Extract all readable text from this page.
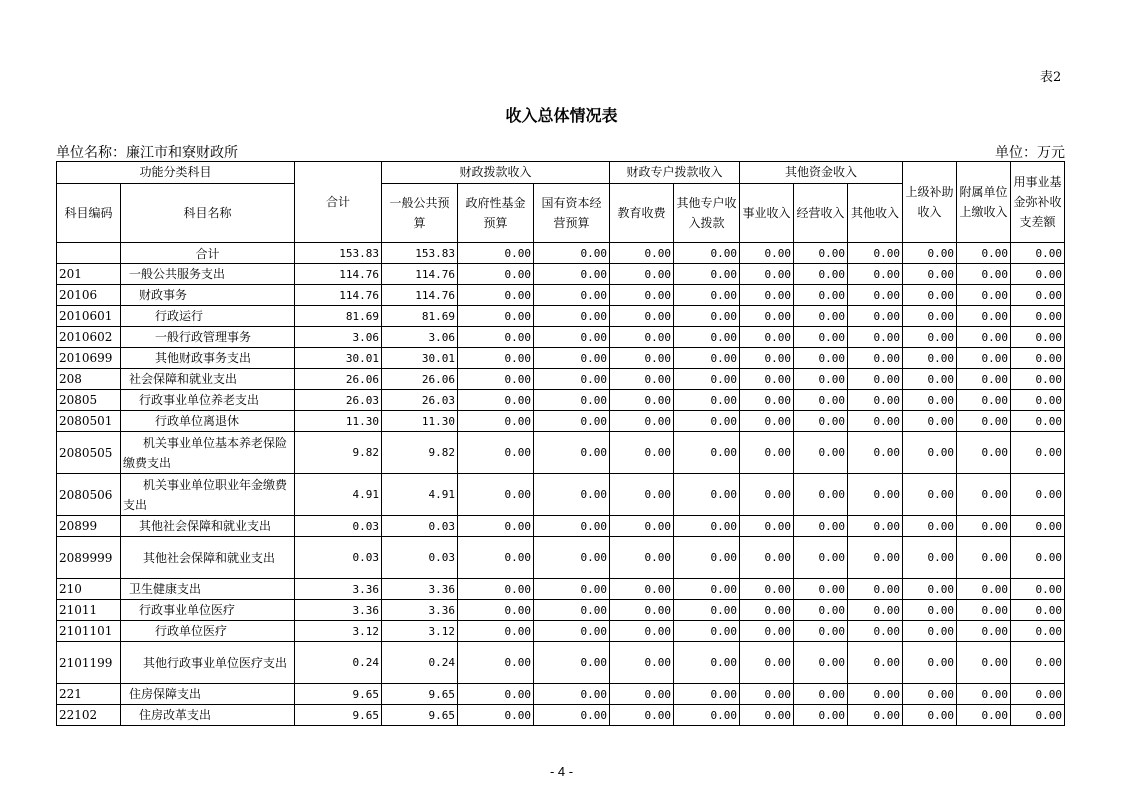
表2
收入总体情况表
单位名称：廉江市和寮财政所	单位：万元
功能分类科目		合计	财政拨款收入			财政专户拨款收入		其他资金收入			上级补助收入	附属单位上缴收入	用事业基金弥补收支差额
科目编码	科目名称		一般公共预算	政府性基金预算	国有资本经营预算	教育收费	其他专户收入拨款	事业收入	经营收入	其他收入			
	合计	153.83	153.83	0.00	0.00	0.00	0.00	0.00	0.00	0.00	0.00	0.00	0.00
201	一般公共服务支出	114.76	114.76	0.00	0.00	0.00	0.00	0.00	0.00	0.00	0.00	0.00	0.00
20106	财政事务	114.76	114.76	0.00	0.00	0.00	0.00	0.00	0.00	0.00	0.00	0.00	0.00
2010601	行政运行	81.69	81.69	0.00	0.00	0.00	0.00	0.00	0.00	0.00	0.00	0.00	0.00
2010602	一般行政管理事务	3.06	3.06	0.00	0.00	0.00	0.00	0.00	0.00	0.00	0.00	0.00	0.00
2010699	其他财政事务支出	30.01	30.01	0.00	0.00	0.00	0.00	0.00	0.00	0.00	0.00	0.00	0.00
208	社会保障和就业支出	26.06	26.06	0.00	0.00	0.00	0.00	0.00	0.00	0.00	0.00	0.00	0.00
20805	行政事业单位养老支出	26.03	26.03	0.00	0.00	0.00	0.00	0.00	0.00	0.00	0.00	0.00	0.00
2080501	行政单位离退休	11.30	11.30	0.00	0.00	0.00	0.00	0.00	0.00	0.00	0.00	0.00	0.00
2080505	机关事业单位基本养老保险缴费支出	9.82	9.82	0.00	0.00	0.00	0.00	0.00	0.00	0.00	0.00	0.00	0.00
2080506	机关事业单位职业年金缴费支出	4.91	4.91	0.00	0.00	0.00	0.00	0.00	0.00	0.00	0.00	0.00	0.00
20899	其他社会保障和就业支出	0.03	0.03	0.00	0.00	0.00	0.00	0.00	0.00	0.00	0.00	0.00	0.00
2089999	其他社会保障和就业支出	0.03	0.03	0.00	0.00	0.00	0.00	0.00	0.00	0.00	0.00	0.00	0.00
210	卫生健康支出	3.36	3.36	0.00	0.00	0.00	0.00	0.00	0.00	0.00	0.00	0.00	0.00
21011	行政事业单位医疗	3.36	3.36	0.00	0.00	0.00	0.00	0.00	0.00	0.00	0.00	0.00	0.00
2101101	行政单位医疗	3.12	3.12	0.00	0.00	0.00	0.00	0.00	0.00	0.00	0.00	0.00	0.00
2101199	其他行政事业单位医疗支出	0.24	0.24	0.00	0.00	0.00	0.00	0.00	0.00	0.00	0.00	0.00	0.00
221	住房保障支出	9.65	9.65	0.00	0.00	0.00	0.00	0.00	0.00	0.00	0.00	0.00	0.00
22102	住房改革支出	9.65	9.65	0.00	0.00	0.00	0.00	0.00	0.00	0.00	0.00	0.00	0.00
- 4 -
